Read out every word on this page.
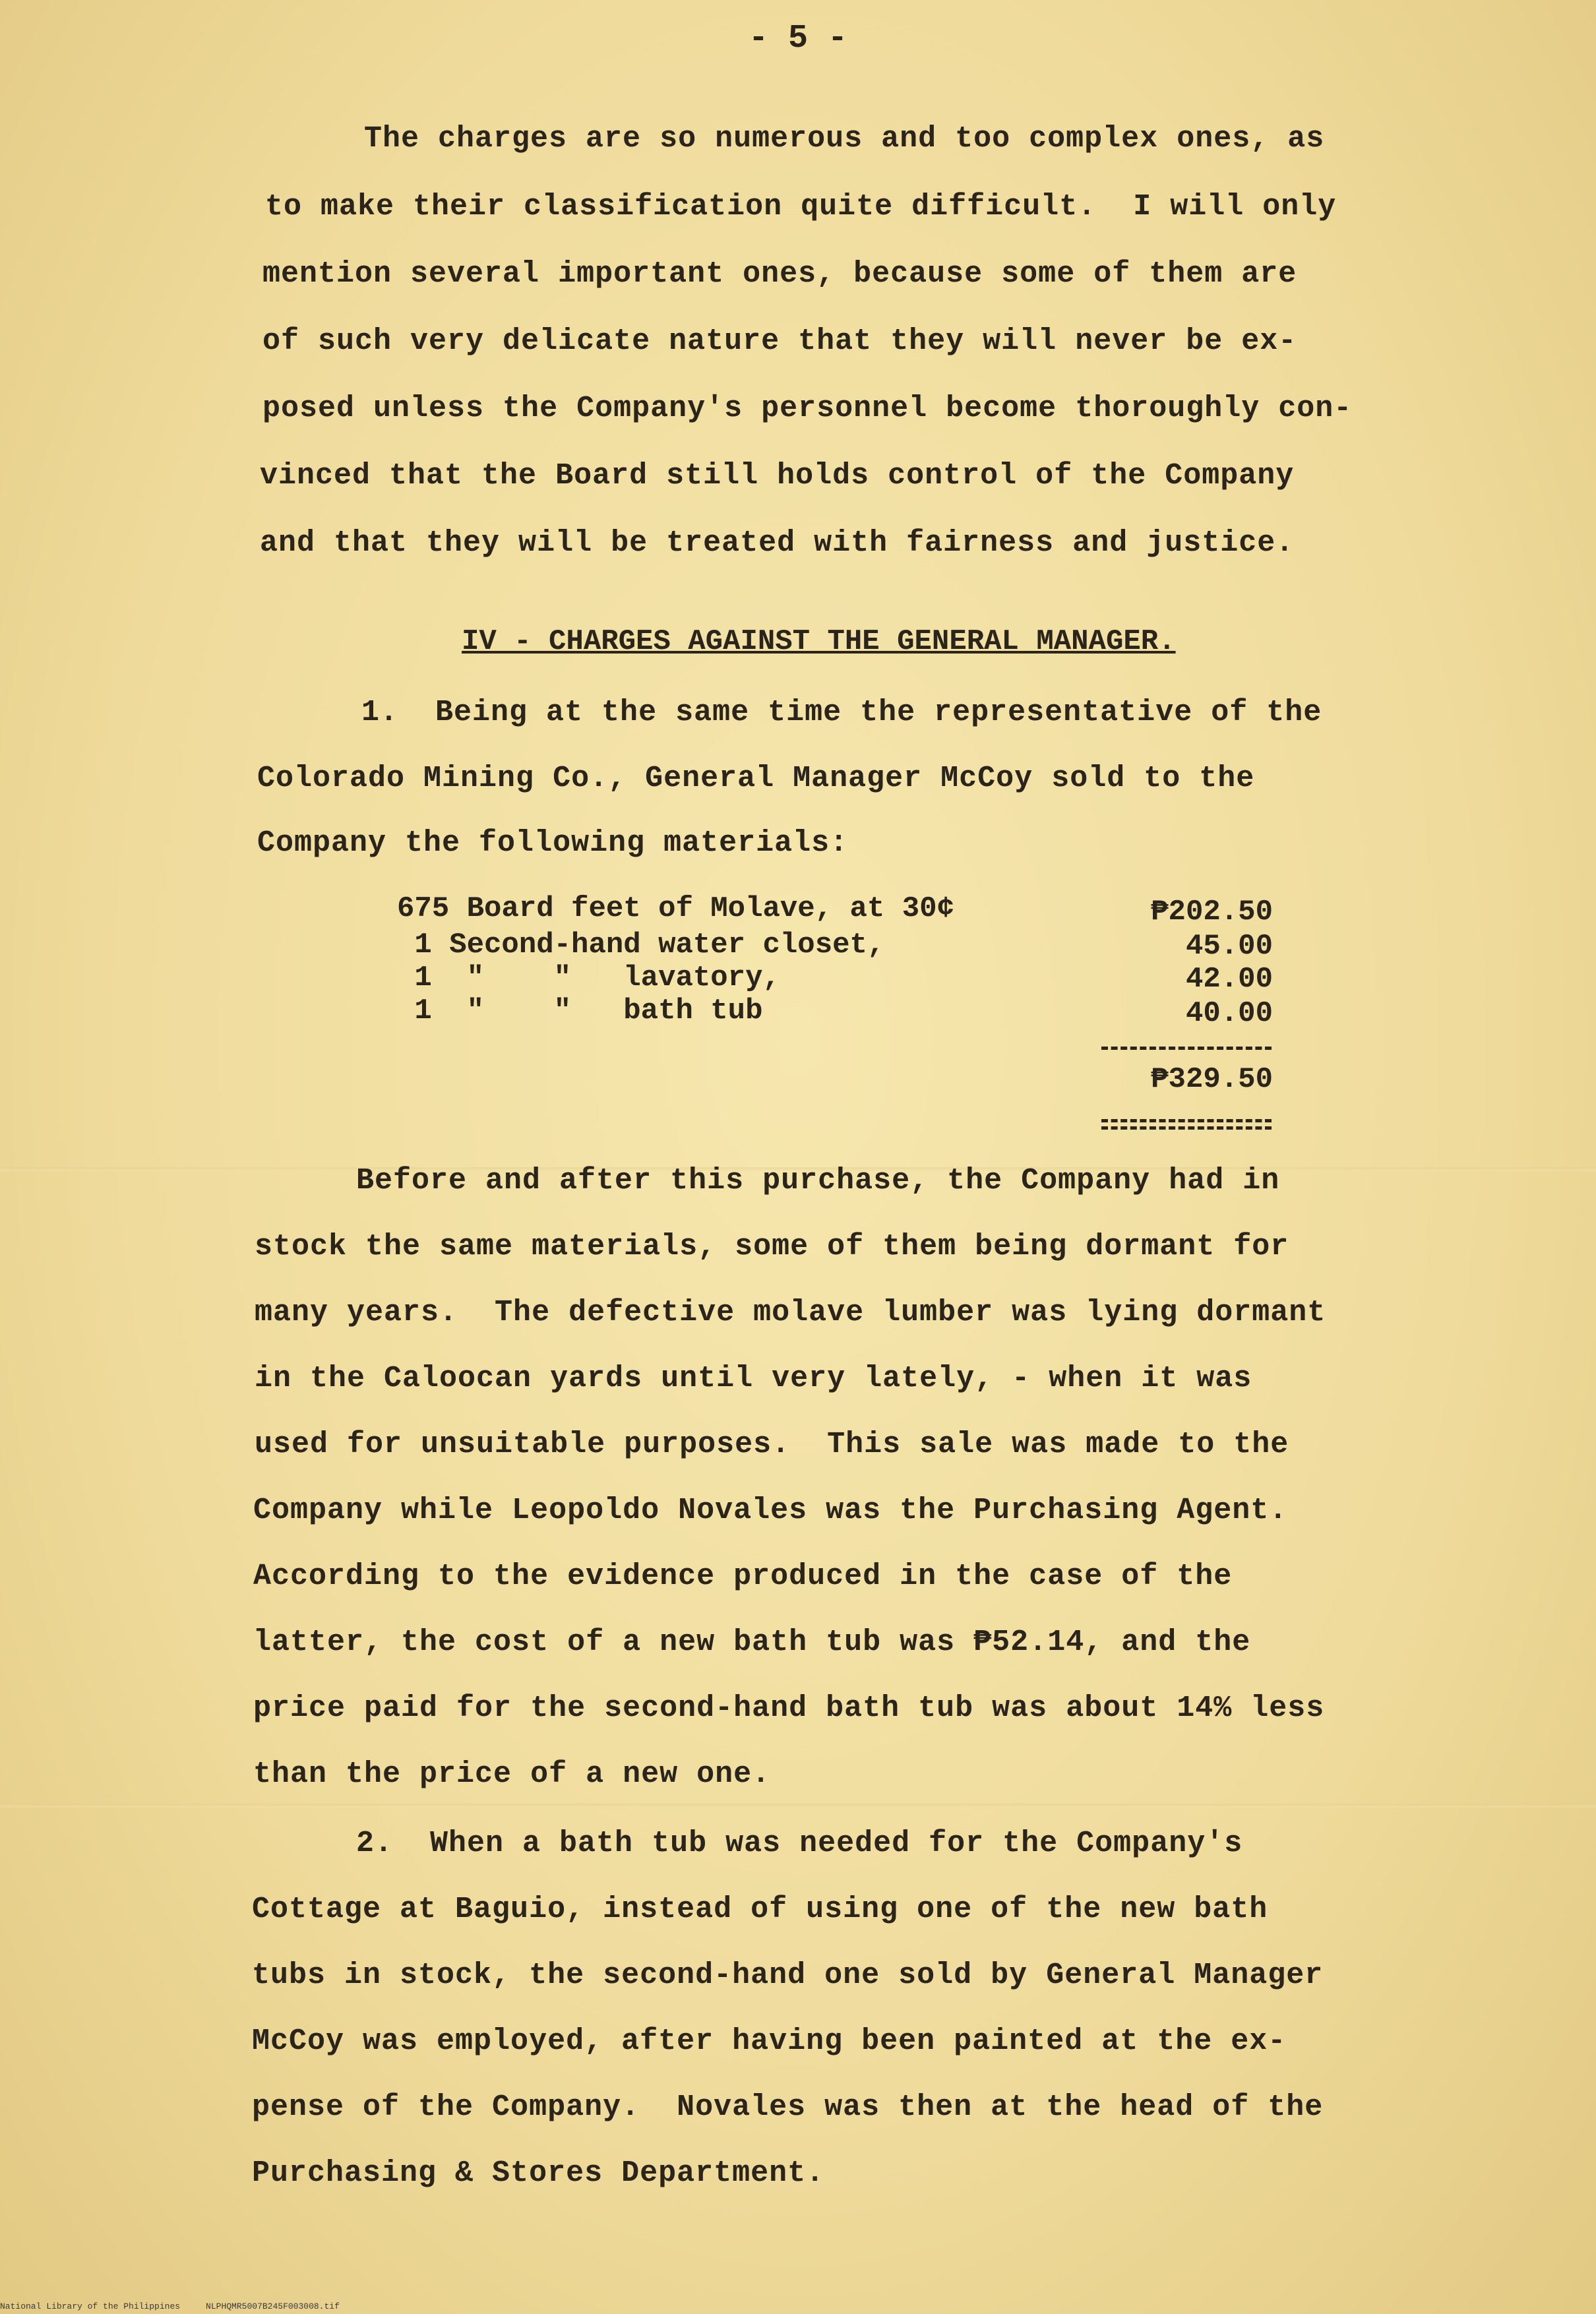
- 5 -
The charges are so numerous and too complex ones, as
to make their classification quite difficult.  I will only
mention several important ones, because some of them are
of such very delicate nature that they will never be ex-
posed unless the Company's personnel become thoroughly con-
vinced that the Board still holds control of the Company
and that they will be treated with fairness and justice.
IV - CHARGES AGAINST THE GENERAL MANAGER.
1.  Being at the same time the representative of the
Colorado Mining Co., General Manager McCoy sold to the
Company the following materials:
675 Board feet of Molave, at 30¢	₱202.50
1 Second-hand water closet,	45.00
1  "    "   lavatory,	42.00
1  "    "   bath tub	40.00
₱329.50
Before and after this purchase, the Company had in
stock the same materials, some of them being dormant for
many years.  The defective molave lumber was lying dormant
in the Caloocan yards until very lately, - when it was
used for unsuitable purposes.  This sale was made to the
Company while Leopoldo Novales was the Purchasing Agent.
According to the evidence produced in the case of the
latter, the cost of a new bath tub was ₱52.14, and the
price paid for the second-hand bath tub was about 14% less
than the price of a new one.
2.  When a bath tub was needed for the Company's
Cottage at Baguio, instead of using one of the new bath
tubs in stock, the second-hand one sold by General Manager
McCoy was employed, after having been painted at the ex-
pense of the Company.  Novales was then at the head of the
Purchasing & Stores Department.
National Library of the Philippines     NLPHQMR5007B245F003008.tif
